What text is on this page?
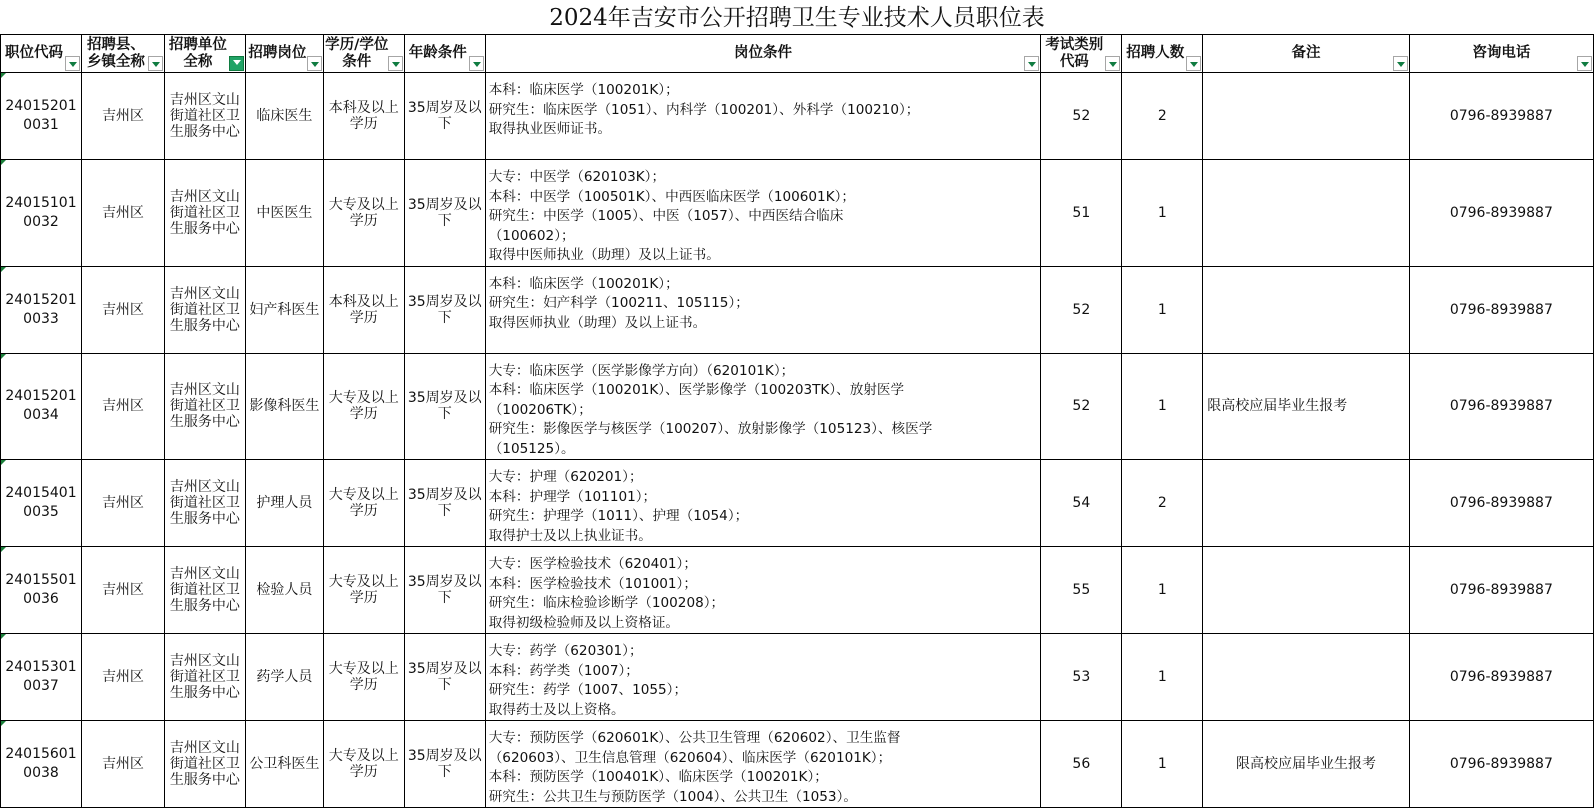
2024年吉安市公开招聘卫生专业技术人员职位表
职位代码	招聘县、乡镇全称	招聘单位全称	招聘岗位	学历/学位条件	年龄条件	岗位条件	考试类别代码	招聘人数	备注	咨询电话

24015201
0031	吉州区	吉州区文山街道社区卫生服务中心	临床医生	本科及以上学历	35周岁及以下	本科：临床医学（100201K）；
研究生：临床医学（1051）、内科学（100201）、外科学（100210）；
取得执业医师证书。	52	2		0796-8939887
24015101
0032	吉州区	吉州区文山街道社区卫生服务中心	中医医生	大专及以上学历	35周岁及以下	大专：中医学（620103K）；
本科：中医学（100501K）、中西医临床医学（100601K）；
研究生：中医学（1005）、中医（1057）、中西医结合临床
（100602）；
取得中医师执业（助理）及以上证书。	51	1		0796-8939887
24015201
0033	吉州区	吉州区文山街道社区卫生服务中心	妇产科医生	本科及以上学历	35周岁及以下	本科：临床医学（100201K）；
研究生：妇产科学（100211、105115）；
取得医师执业（助理）及以上证书。	52	1		0796-8939887
24015201
0034	吉州区	吉州区文山街道社区卫生服务中心	影像科医生	大专及以上学历	35周岁及以下	大专：临床医学（医学影像学方向）（620101K）；
本科：临床医学（100201K）、医学影像学（100203TK）、放射医学
（100206TK）；
研究生：影像医学与核医学（100207）、放射影像学（105123）、核医学
（105125）。	52	1	限高校应届毕业生报考	0796-8939887
24015401
0035	吉州区	吉州区文山街道社区卫生服务中心	护理人员	大专及以上学历	35周岁及以下	大专：护理（620201）；
本科：护理学（101101）；
研究生：护理学（1011）、护理（1054）；
取得护士及以上执业证书。	54	2		0796-8939887
24015501
0036	吉州区	吉州区文山街道社区卫生服务中心	检验人员	大专及以上学历	35周岁及以下	大专：医学检验技术（620401）；
本科：医学检验技术（101001）；
研究生：临床检验诊断学（100208）；
取得初级检验师及以上资格证。	55	1		0796-8939887
24015301
0037	吉州区	吉州区文山街道社区卫生服务中心	药学人员	大专及以上学历	35周岁及以下	大专：药学（620301）；
本科：药学类（1007）；
研究生：药学（1007、1055）；
取得药士及以上资格。	53	1		0796-8939887
24015601
0038	吉州区	吉州区文山街道社区卫生服务中心	公卫科医生	大专及以上学历	35周岁及以下	大专：预防医学（620601K）、公共卫生管理（620602）、卫生监督
（620603）、卫生信息管理（620604）、临床医学（620101K）；
本科：预防医学（100401K）、临床医学（100201K）；
研究生：公共卫生与预防医学（1004）、公共卫生（1053）。	56	1	限高校应届毕业生报考	0796-8939887
